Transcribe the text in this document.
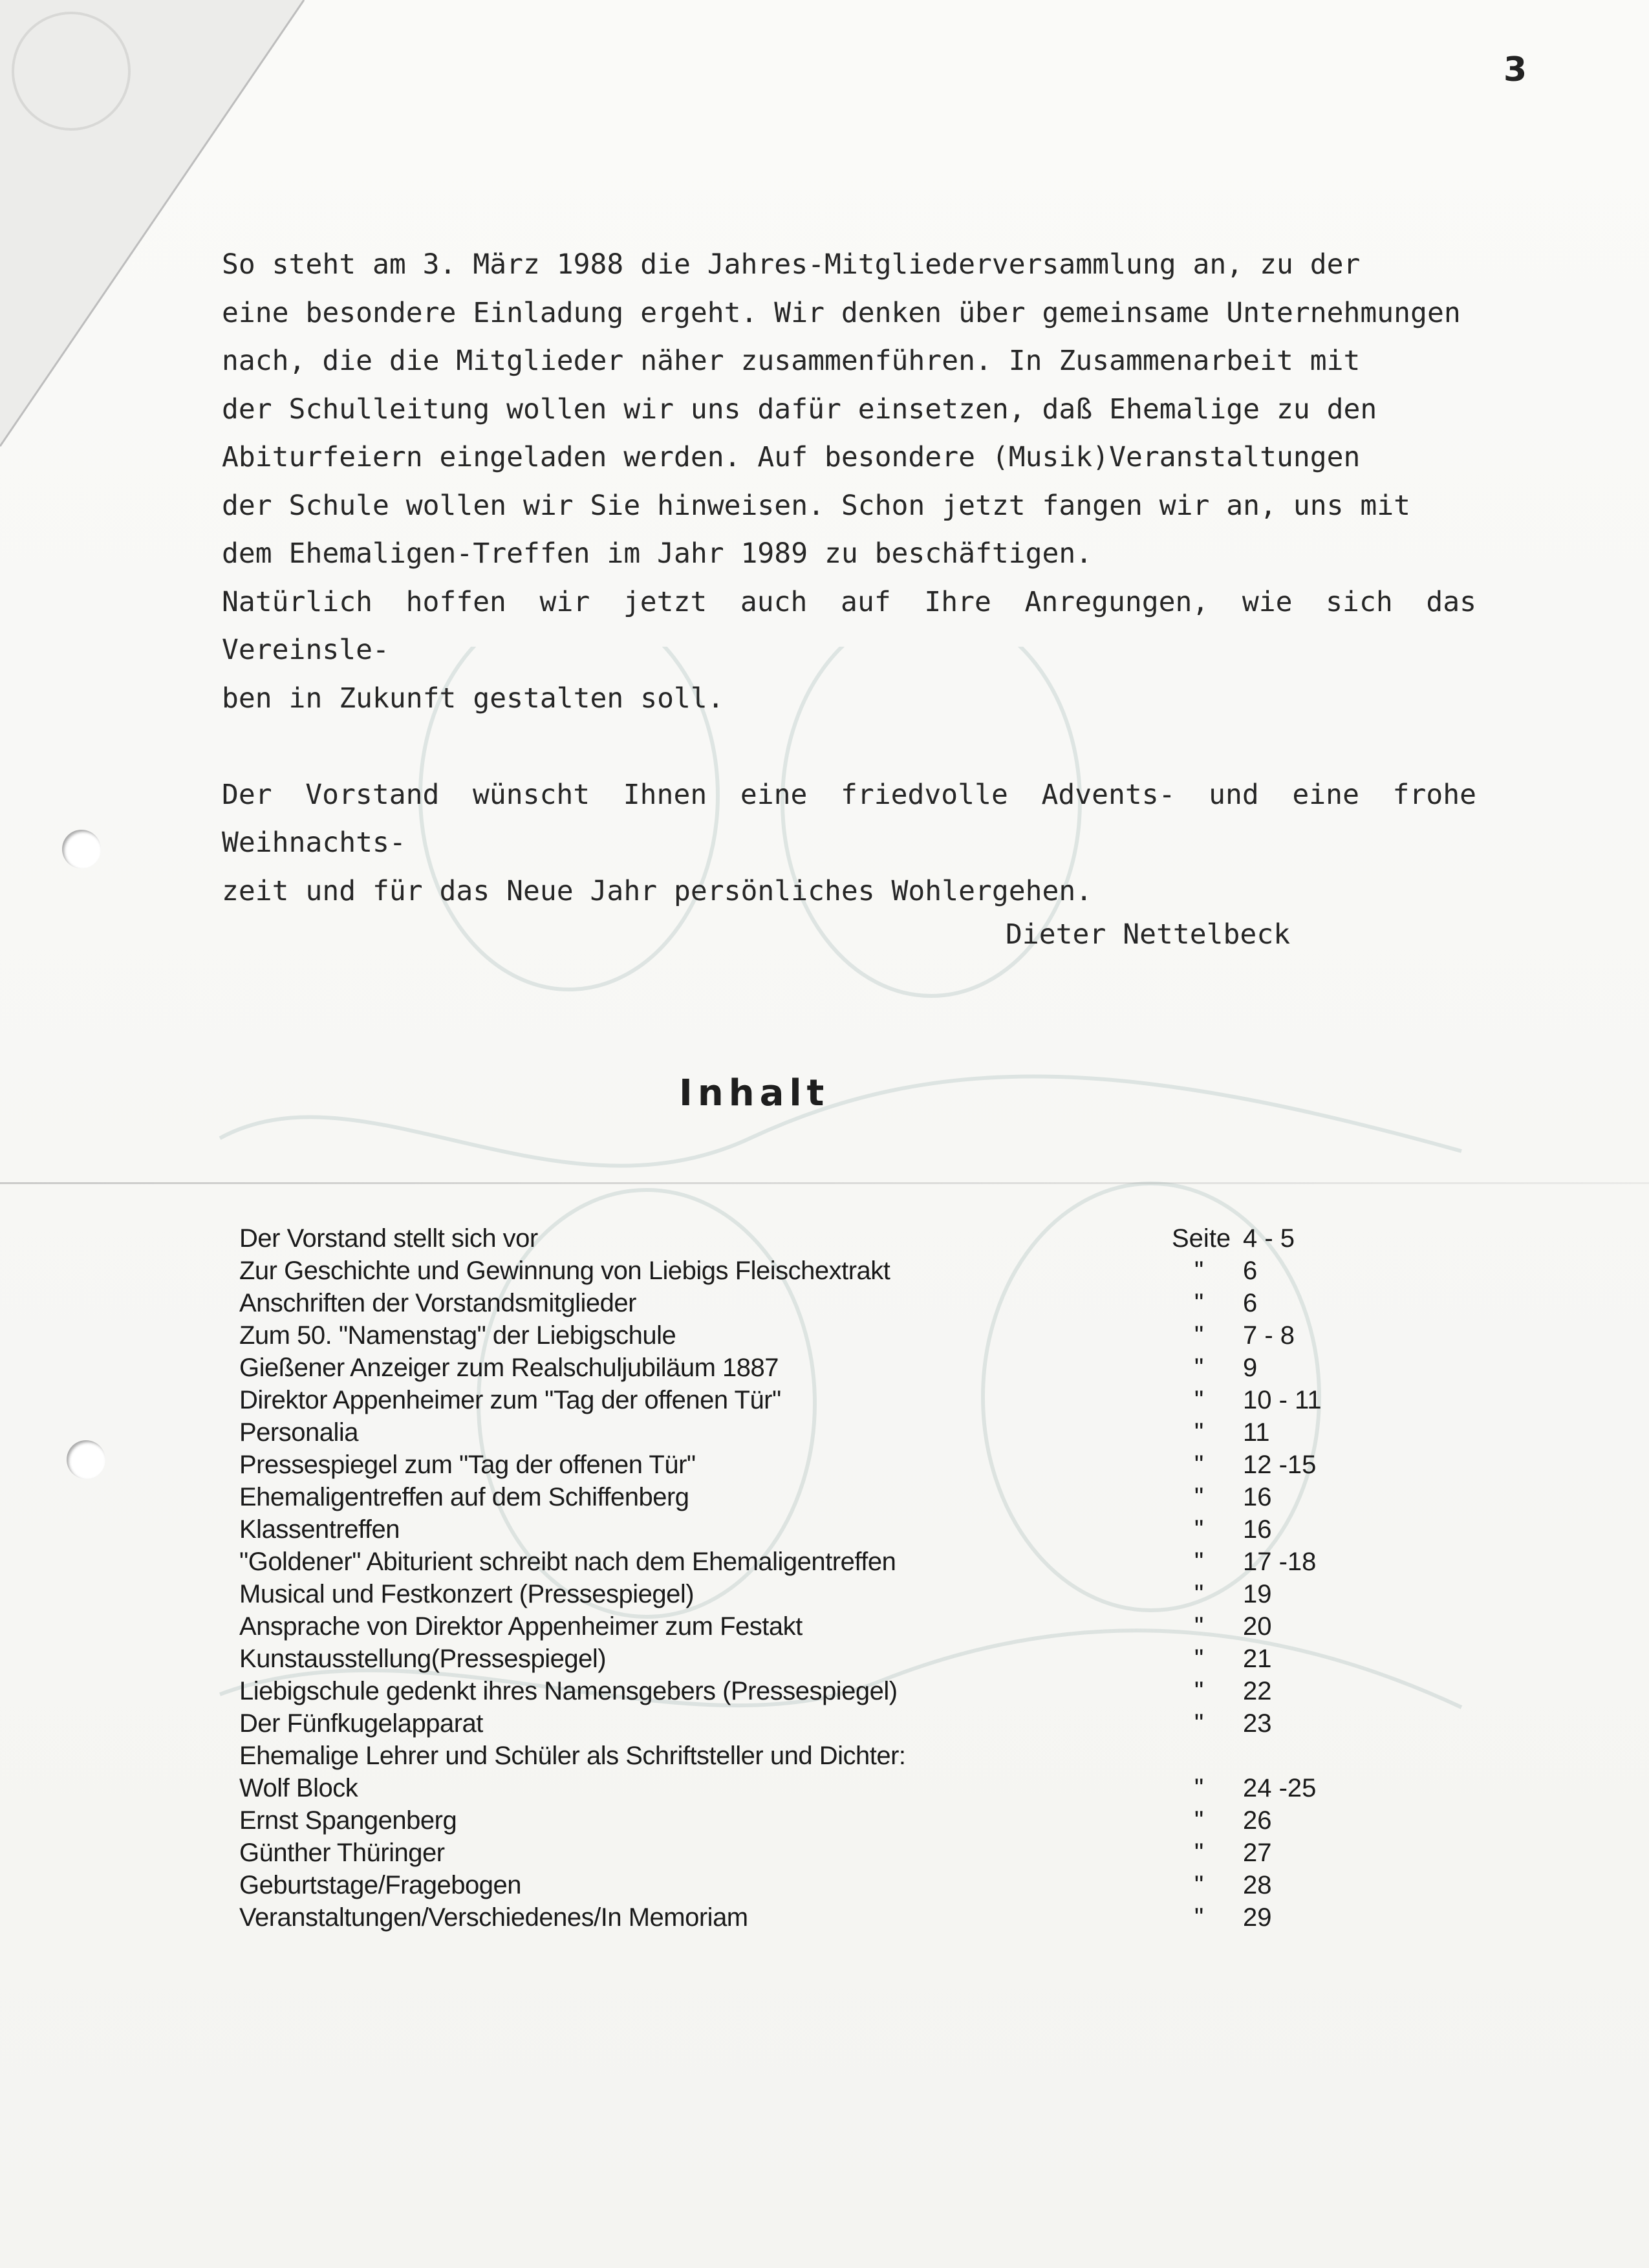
3

So steht am 3. März 1988 die Jahres-Mitgliederversammlung an, zu der
eine besondere Einladung ergeht. Wir denken über gemeinsame Unternehmungen
nach, die die Mitglieder näher zusammenführen. In Zusammenarbeit mit
der Schulleitung wollen wir uns dafür einsetzen, daß Ehemalige zu den
Abiturfeiern eingeladen werden. Auf besondere (Musik)Veranstaltungen
der Schule wollen wir Sie hinweisen. Schon jetzt fangen wir an, uns mit
dem Ehemaligen-Treffen im Jahr 1989 zu beschäftigen.
Natürlich hoffen wir jetzt auch auf Ihre Anregungen, wie sich das Vereinsle-
ben in Zukunft gestalten soll.

Der Vorstand wünscht Ihnen eine friedvolle Advents- und eine frohe Weihnachts-
zeit und für das Neue Jahr persönliches Wohlergehen.

Dieter Nettelbeck
Inhalt
Der Vorstand stellt sich vor	Seite 4 - 5
Zur Geschichte und Gewinnung von Liebigs Fleischextrakt	" 6
Anschriften der Vorstandsmitglieder	" 6
Zum 50. "Namenstag" der Liebigschule	" 7 - 8
Gießener Anzeiger zum Realschuljubiläum 1887	" 9
Direktor Appenheimer zum "Tag der offenen Tür"	" 10 - 11
Personalia	" 11
Pressespiegel zum "Tag der offenen Tür"	" 12 -15
Ehemaligentreffen auf dem Schiffenberg	" 16
Klassentreffen	" 16
"Goldener" Abiturient schreibt nach dem Ehemaligentreffen	" 17 -18
Musical und Festkonzert (Pressespiegel)	" 19
Ansprache von Direktor Appenheimer zum Festakt	" 20
Kunstausstellung(Pressespiegel)	" 21
Liebigschule gedenkt ihres Namensgebers (Pressespiegel)	" 22
Der Fünfkugelapparat	" 23
Ehemalige Lehrer und Schüler als Schriftsteller und Dichter:
Wolf Block	" 24 -25
Ernst Spangenberg	" 26
Günther Thüringer	" 27
Geburtstage/Fragebogen	" 28
Veranstaltungen/Verschiedenes/In Memoriam	" 29
